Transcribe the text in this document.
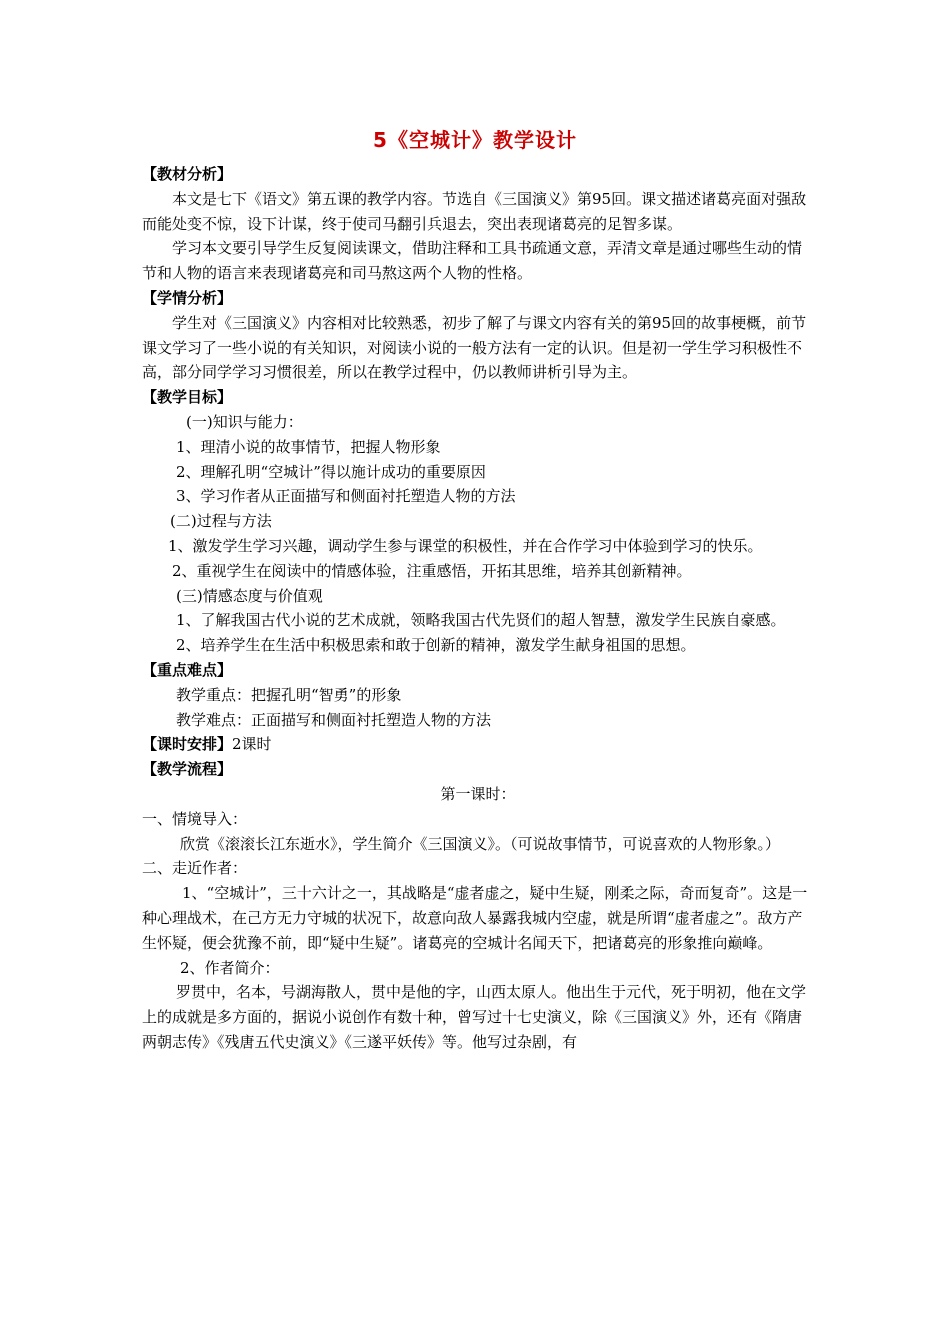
5《空城计》教学设计

【教材分析】

本文是七下《语文》第五课的教学内容。节选自《三国演义》第95回。课文描述诸葛亮面对强敌而能处变不惊，设下计谋，终于使司马翻引兵退去，突出表现诸葛亮的足智多谋。

学习本文要引导学生反复阅读课文，借助注释和工具书疏通文意，弄清文章是通过哪些生动的情节和人物的语言来表现诸葛亮和司马熬这两个人物的性格。

【学情分析】

学生对《三国演义》内容相对比较熟悉，初步了解了与课文内容有关的第95回的故事梗概，前节课文学习了一些小说的有关知识，对阅读小说的一般方法有一定的认识。但是初一学生学习积极性不高，部分同学学习习惯很差，所以在教学过程中，仍以教师讲析引导为主。

【教学目标】

(一)知识与能力：

1、理清小说的故事情节，把握人物形象

2、理解孔明“空城计”得以施计成功的重要原因

3、学习作者从正面描写和侧面衬托塑造人物的方法

(二)过程与方法

1、激发学生学习兴趣，调动学生参与课堂的积极性，并在合作学习中体验到学习的快乐。

2、重视学生在阅读中的情感体验，注重感悟，开拓其思维，培养其创新精神。

(三)情感态度与价值观

1、了解我国古代小说的艺术成就，领略我国古代先贤们的超人智慧，激发学生民族自豪感。

2、培养学生在生活中积极思索和敢于创新的精神，激发学生献身祖国的思想。

【重点难点】

教学重点：把握孔明“智勇”的形象

教学难点：正面描写和侧面衬托塑造人物的方法

【课时安排】2课时

【教学流程】

第一课时：

一、情境导入：

欣赏《滚滚长江东逝水》，学生简介《三国演义》。（可说故事情节，可说喜欢的人物形象。）

二、走近作者：

1、“空城计”，三十六计之一，其战略是“虚者虚之，疑中生疑，刚柔之际，奇而复奇”。这是一种心理战术，在己方无力守城的状况下，故意向敌人暴露我城内空虚，就是所谓“虚者虚之”。敌方产生怀疑，便会犹豫不前，即“疑中生疑”。诸葛亮的空城计名闻天下，把诸葛亮的形象推向巅峰。

2、作者简介：

罗贯中，名本，号湖海散人，贯中是他的字，山西太原人。他出生于元代，死于明初，他在文学上的成就是多方面的，据说小说创作有数十种，曾写过十七史演义，除《三国演义》外，还有《隋唐两朝志传》《残唐五代史演义》《三遂平妖传》等。他写过杂剧，有
